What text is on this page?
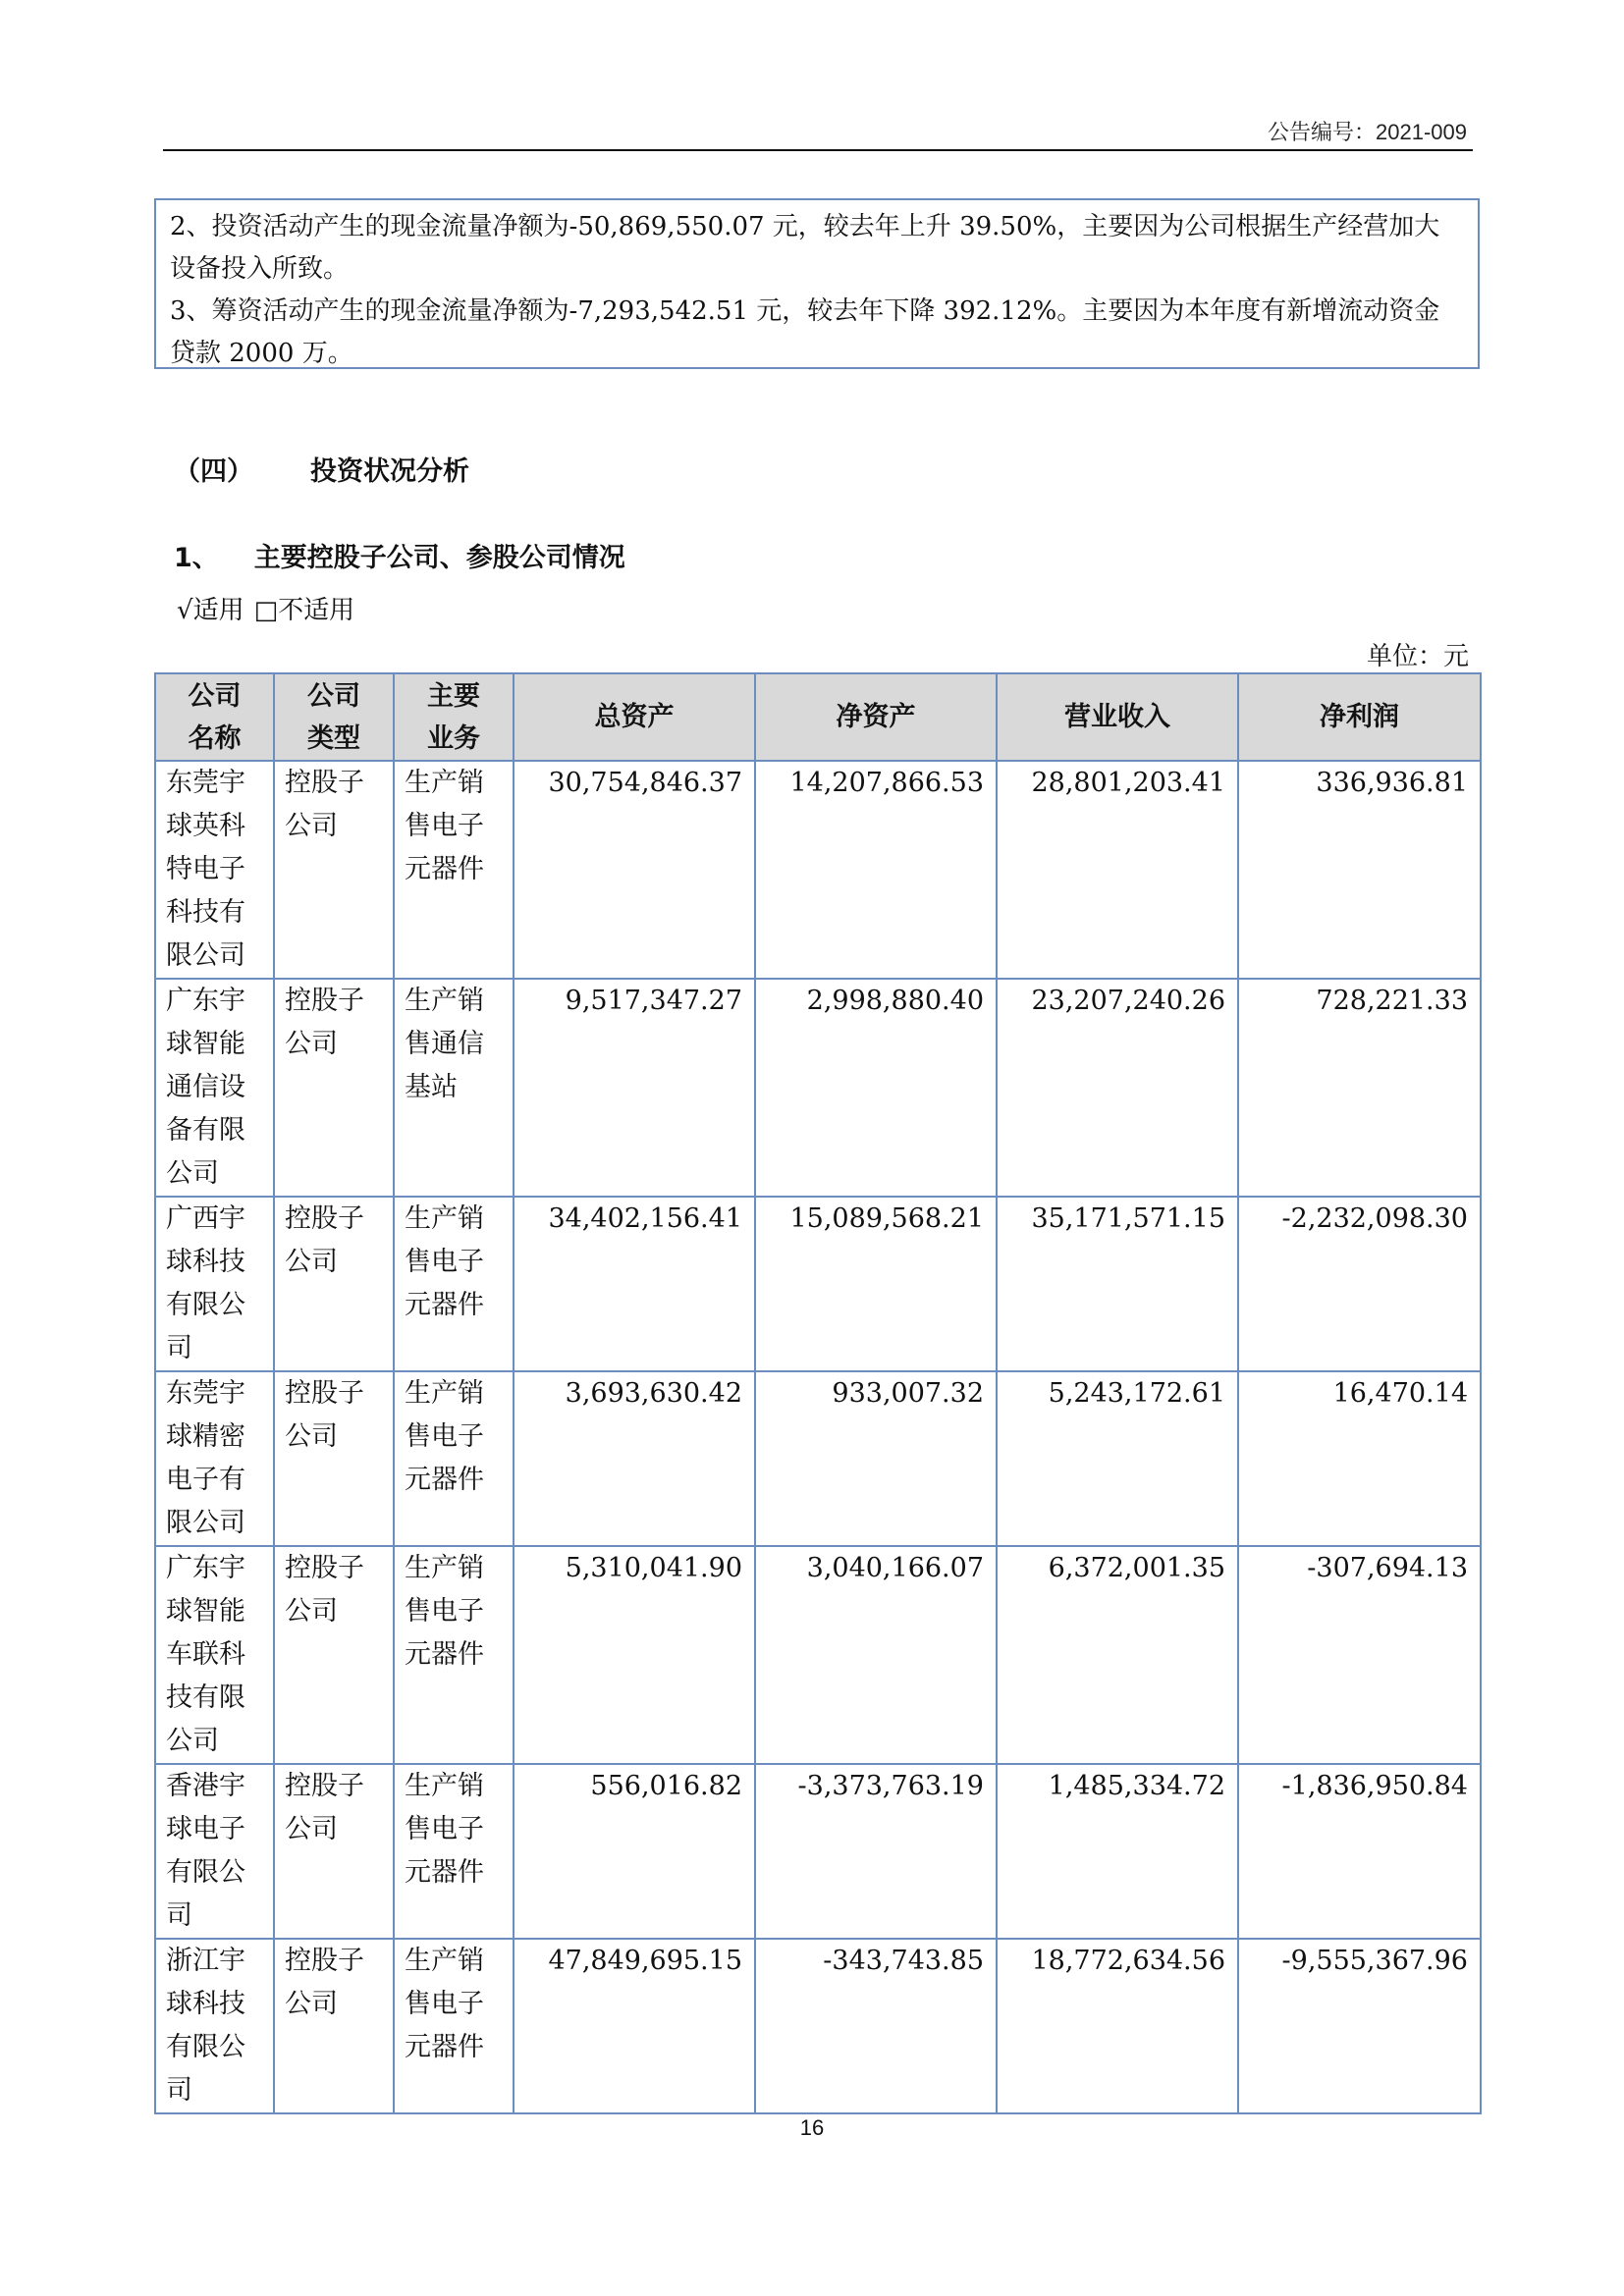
公告编号：2021-009

2、投资活动产生的现金流量净额为-50,869,550.07 元，较去年上升 39.50%，主要因为公司根据生产经营加大设备投入所致。

3、筹资活动产生的现金流量净额为-7,293,542.51 元，较去年下降 392.12%。主要因为本年度有新增流动资金贷款 2000 万。

（四） 投资状况分析
1、 主要控股子公司、参股公司情况
√适用 □不适用
单位：元
公司名称	公司类型	主要业务	总资产	净资产	营业收入	净利润
东莞宇球英科特电子科技有限公司	控股子公司	生产销售电子元器件	30,754,846.37	14,207,866.53	28,801,203.41	336,936.81
广东宇球智能通信设备有限公司	控股子公司	生产销售通信基站	9,517,347.27	2,998,880.40	23,207,240.26	728,221.33
广西宇球科技有限公司	控股子公司	生产销售电子元器件	34,402,156.41	15,089,568.21	35,171,571.15	-2,232,098.30
东莞宇球精密电子有限公司	控股子公司	生产销售电子元器件	3,693,630.42	933,007.32	5,243,172.61	16,470.14
广东宇球智能车联科技有限公司	控股子公司	生产销售电子元器件	5,310,041.90	3,040,166.07	6,372,001.35	-307,694.13
香港宇球电子有限公司	控股子公司	生产销售电子元器件	556,016.82	-3,373,763.19	1,485,334.72	-1,836,950.84
浙江宇球科技有限公司	控股子公司	生产销售电子元器件	47,849,695.15	-343,743.85	18,772,634.56	-9,555,367.96
16
